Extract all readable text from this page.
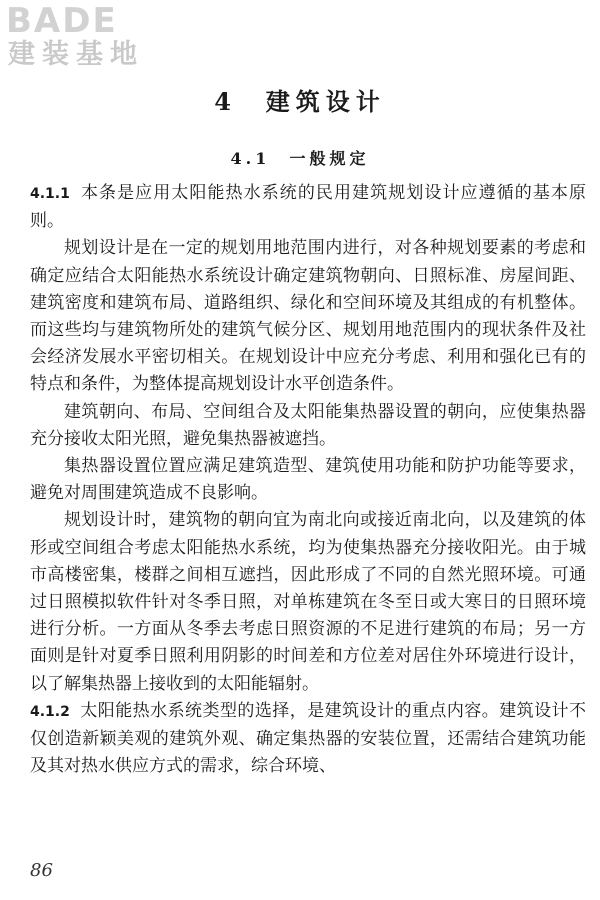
BADE
建装基地
4 建筑设计
4.1 一般规定

4.1.1 本条是应用太阳能热水系统的民用建筑规划设计应遵循的基本原则。

规划设计是在一定的规划用地范围内进行，对各种规划要素的考虑和确定应结合太阳能热水系统设计确定建筑物朝向、日照标准、房屋间距、建筑密度和建筑布局、道路组织、绿化和空间环境及其组成的有机整体。而这些均与建筑物所处的建筑气候分区、规划用地范围内的现状条件及社会经济发展水平密切相关。在规划设计中应充分考虑、利用和强化已有的特点和条件，为整体提高规划设计水平创造条件。

建筑朝向、布局、空间组合及太阳能集热器设置的朝向，应使集热器充分接收太阳光照，避免集热器被遮挡。

集热器设置位置应满足建筑造型、建筑使用功能和防护功能等要求，避免对周围建筑造成不良影响。

规划设计时，建筑物的朝向宜为南北向或接近南北向，以及建筑的体形或空间组合考虑太阳能热水系统，均为使集热器充分接收阳光。由于城市高楼密集，楼群之间相互遮挡，因此形成了不同的自然光照环境。可通过日照模拟软件针对冬季日照，对单栋建筑在冬至日或大寒日的日照环境进行分析。一方面从冬季去考虑日照资源的不足进行建筑的布局；另一方面则是针对夏季日照利用阴影的时间差和方位差对居住外环境进行设计，以了解集热器上接收到的太阳能辐射。

4.1.2 太阳能热水系统类型的选择，是建筑设计的重点内容。建筑设计不仅创造新颖美观的建筑外观、确定集热器的安装位置，还需结合建筑功能及其对热水供应方式的需求，综合环境、

86
